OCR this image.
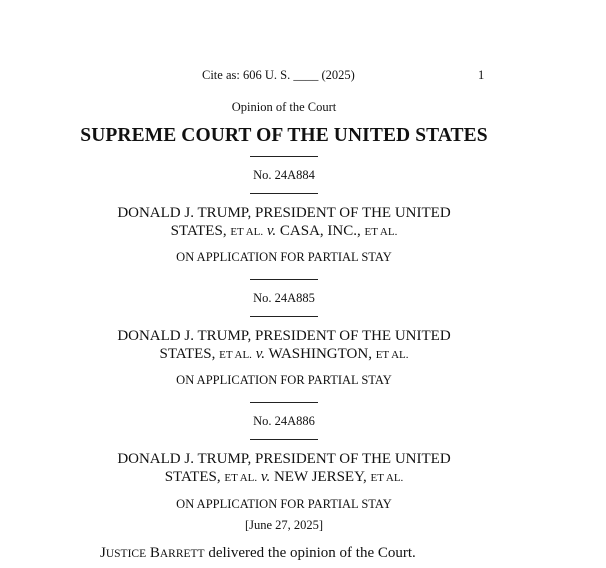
Cite as: 606 U. S. ____ (2025)	1
Opinion of the Court
SUPREME COURT OF THE UNITED STATES
No. 24A884
DONALD J. TRUMP, PRESIDENT OF THE UNITED
STATES, ET AL. v. CASA, INC., ET AL.
ON APPLICATION FOR PARTIAL STAY
No. 24A885
DONALD J. TRUMP, PRESIDENT OF THE UNITED
STATES, ET AL. v. WASHINGTON, ET AL.
ON APPLICATION FOR PARTIAL STAY
No. 24A886
DONALD J. TRUMP, PRESIDENT OF THE UNITED
STATES, ET AL. v. NEW JERSEY, ET AL.
ON APPLICATION FOR PARTIAL STAY
[June 27, 2025]
JUSTICE BARRETT delivered the opinion of the Court.
